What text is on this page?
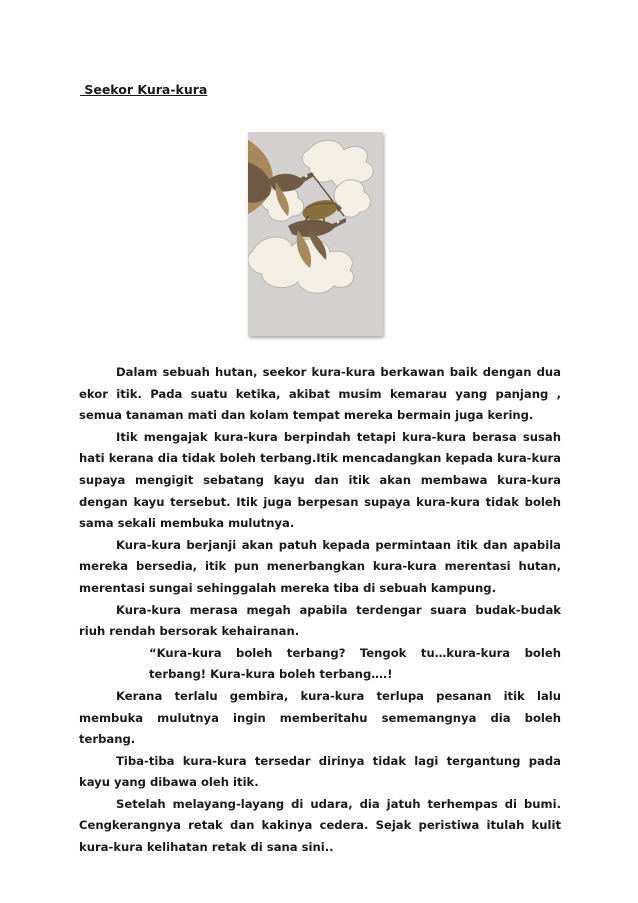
Seekor Kura-kura

Dalam sebuah hutan, seekor kura-kura berkawan baik dengan dua ekor itik. Pada suatu ketika, akibat musim kemarau yang panjang , semua tanaman mati dan kolam tempat mereka bermain juga kering.

Itik mengajak kura-kura berpindah tetapi kura-kura berasa susah hati kerana dia tidak boleh terbang.Itik mencadangkan kepada kura-kura supaya mengigit sebatang kayu dan itik akan membawa kura-kura dengan kayu tersebut. Itik juga berpesan supaya kura-kura tidak boleh sama sekali membuka mulutnya.

Kura-kura berjanji akan patuh kepada permintaan itik dan apabila mereka bersedia, itik pun menerbangkan kura-kura merentasi hutan, merentasi sungai sehinggalah mereka tiba di sebuah kampung.

Kura-kura merasa megah apabila terdengar suara budak-budak riuh rendah bersorak kehairanan.

“Kura-kura boleh terbang? Tengok tu…kura-kura boleh terbang! Kura-kura boleh terbang….!

Kerana terlalu gembira, kura-kura terlupa pesanan itik lalu membuka mulutnya ingin memberitahu sememangnya dia boleh terbang.

Tiba-tiba kura-kura tersedar dirinya tidak lagi tergantung pada kayu yang dibawa oleh itik.

Setelah melayang-layang di udara, dia jatuh terhempas di bumi. Cengkerangnya retak dan kakinya cedera. Sejak peristiwa itulah kulit kura-kura kelihatan retak di sana sini..
